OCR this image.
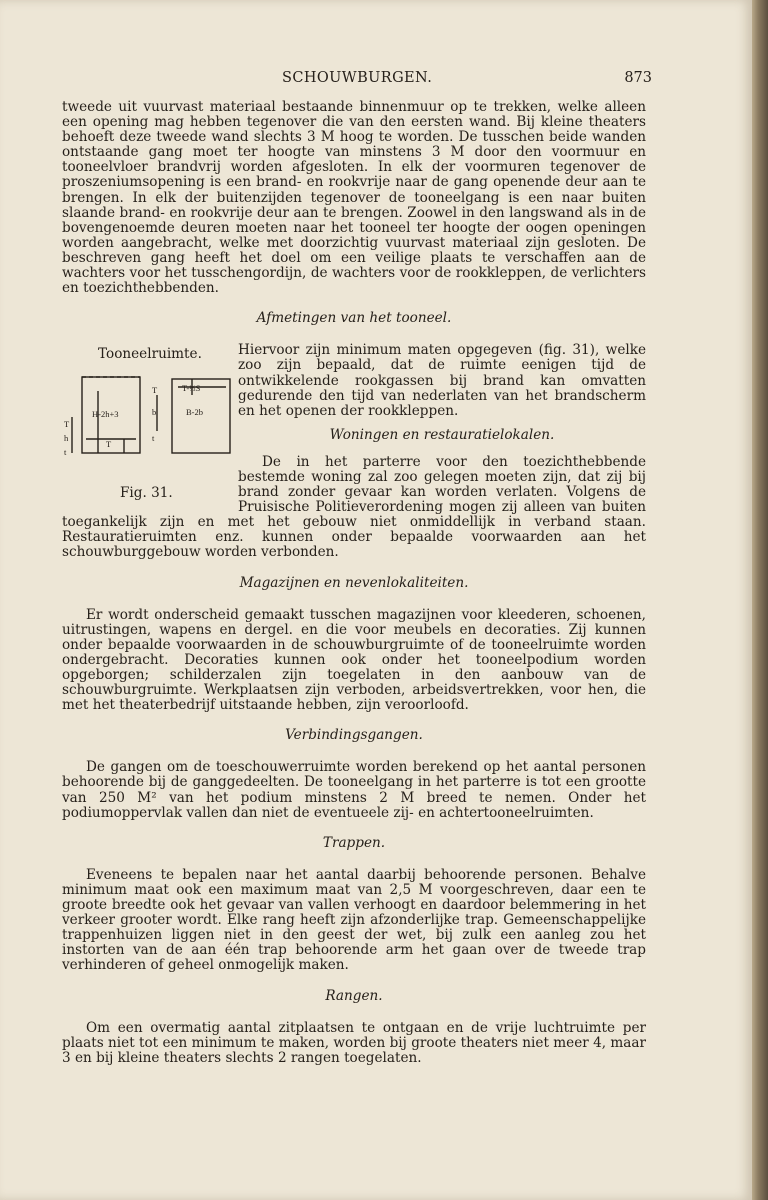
SCHOUWBURGEN.	873

tweede uit vuurvast materiaal bestaande binnenmuur op te trekken, welke alleen een opening mag hebben tegenover die van den eersten wand. Bij kleine theaters behoeft deze tweede wand slechts 3 M hoog te worden. De tusschen beide wanden ontstaande gang moet ter hoogte van minstens 3 M door den voormuur en tooneelvloer brandvrij worden afgesloten. In elk der voormuren tegenover de proszeniumsopening is een brand- en rookvrije naar de gang openende deur aan te brengen. In elk der buitenzijden tegenover de tooneelgang is een naar buiten slaande brand- en rookvrije deur aan te brengen. Zoowel in den langswand als in de bovengenoemde deuren moeten naar het tooneel ter hoogte der oogen openingen worden aangebracht, welke met doorzichtig vuurvast materiaal zijn gesloten. De beschreven gang heeft het doel om een veilige plaats te verschaffen aan de wachters voor het tusschengordijn, de wachters voor de rookkleppen, de verlichters en toezichthebbenden.

Afmetingen van het tooneel.

Tooneelruimte.
H-2h+3
T
T-⅓S
B-2b
T
h
t
T
b
t
Fig. 31.
Hiervoor zijn minimum maten opgegeven (fig. 31), welke zoo zijn bepaald, dat de ruimte eenigen tijd de ontwikkelende rookgassen bij brand kan omvatten gedurende den tijd van nederlaten van het brandscherm en het openen der rookkleppen.
Woningen en restauratielokalen.
De in het parterre voor den toezichthebbende bestemde woning zal zoo gelegen moeten zijn, dat zij bij brand zonder gevaar kan worden verlaten. Volgens de Pruisische Politieverordening mogen zij alleen van buiten toegankelijk zijn en met het gebouw niet onmiddellijk in verband staan. Restauratieruimten enz. kunnen onder bepaalde voorwaarden aan het schouwburggebouw worden verbonden.

Magazijnen en nevenlokaliteiten.

Er wordt onderscheid gemaakt tusschen magazijnen voor kleederen, schoenen, uitrustingen, wapens en dergel. en die voor meubels en decoraties. Zij kunnen onder bepaalde voorwaarden in de schouwburgruimte of de tooneelruimte worden ondergebracht. Decoraties kunnen ook onder het tooneelpodium worden opgeborgen; schilderzalen zijn toegelaten in den aanbouw van de schouwburgruimte. Werkplaatsen zijn verboden, arbeidsvertrekken, voor hen, die met het theaterbedrijf uitstaande hebben, zijn veroorloofd.

Verbindingsgangen.

De gangen om de toeschouwerruimte worden berekend op het aantal personen behoorende bij de ganggedeelten. De tooneelgang in het parterre is tot een grootte van 250 M² van het podium minstens 2 M breed te nemen. Onder het podiumoppervlak vallen dan niet de eventueele zij- en achtertooneelruimten.

Trappen.

Eveneens te bepalen naar het aantal daarbij behoorende personen. Behalve minimum maat ook een maximum maat van 2,5 M voorgeschreven, daar een te groote breedte ook het gevaar van vallen verhoogt en daardoor belemmering in het verkeer grooter wordt. Elke rang heeft zijn afzonderlijke trap. Gemeenschappelijke trappenhuizen liggen niet in den geest der wet, bij zulk een aanleg zou het instorten van de aan één trap behoorende arm het gaan over de tweede trap verhinderen of geheel onmogelijk maken.

Rangen.

Om een overmatig aantal zitplaatsen te ontgaan en de vrije luchtruimte per plaats niet tot een minimum te maken, worden bij groote theaters niet meer 4, maar 3 en bij kleine theaters slechts 2 rangen toegelaten.
